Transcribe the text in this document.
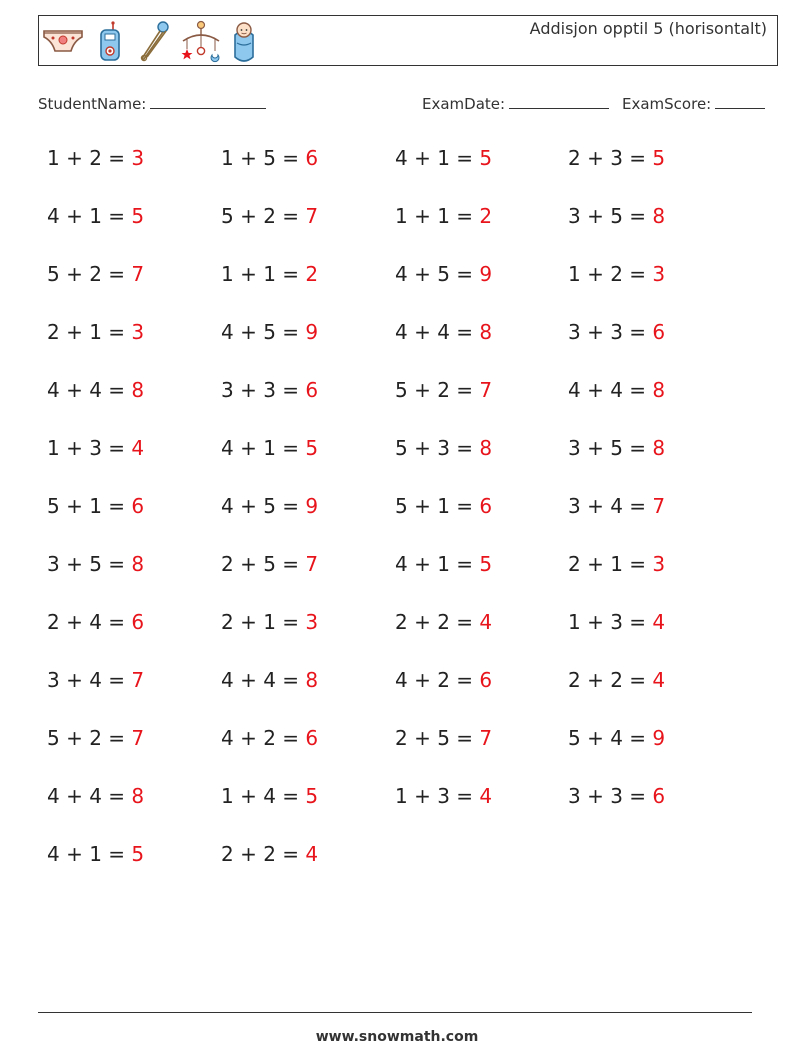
Addisjon opptil 5 (horisontalt)
StudentName:	ExamDate:	ExamScore:
1 + 2 = 3
4 + 1 = 5
5 + 2 = 7
2 + 1 = 3
4 + 4 = 8
1 + 3 = 4
5 + 1 = 6
3 + 5 = 8
2 + 4 = 6
3 + 4 = 7
5 + 2 = 7
4 + 4 = 8
4 + 1 = 5
1 + 5 = 6
5 + 2 = 7
1 + 1 = 2
4 + 5 = 9
3 + 3 = 6
4 + 1 = 5
4 + 5 = 9
2 + 5 = 7
2 + 1 = 3
4 + 4 = 8
4 + 2 = 6
1 + 4 = 5
2 + 2 = 4
4 + 1 = 5
1 + 1 = 2
4 + 5 = 9
4 + 4 = 8
5 + 2 = 7
5 + 3 = 8
5 + 1 = 6
4 + 1 = 5
2 + 2 = 4
4 + 2 = 6
2 + 5 = 7
1 + 3 = 4
2 + 3 = 5
3 + 5 = 8
1 + 2 = 3
3 + 3 = 6
4 + 4 = 8
3 + 5 = 8
3 + 4 = 7
2 + 1 = 3
1 + 3 = 4
2 + 2 = 4
5 + 4 = 9
3 + 3 = 6
www.snowmath.com
